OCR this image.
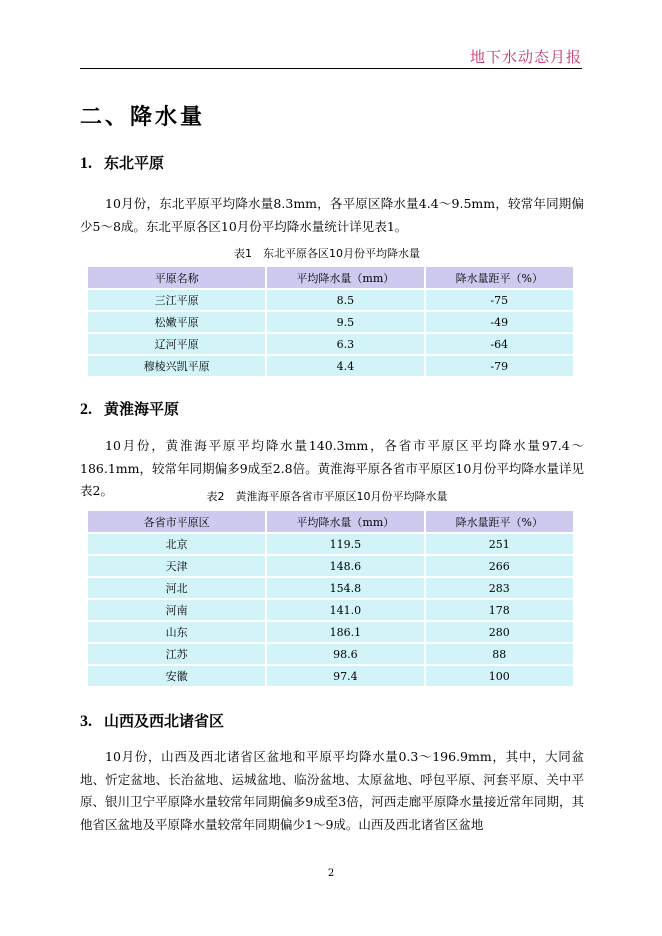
地下水动态月报
二、降水量
1. 东北平原
10月份，东北平原平均降水量8.3mm，各平原区降水量4.4～9.5mm，较常年同期偏少5～8成。东北平原各区10月份平均降水量统计详见表1。
表1　东北平原各区10月份平均降水量
平原名称	平均降水量（mm）	降水量距平（%）
三江平原	8.5	-75
松嫩平原	9.5	-49
辽河平原	6.3	-64
穆棱兴凯平原	4.4	-79
2. 黄淮海平原
10月份，黄淮海平原平均降水量140.3mm，各省市平原区平均降水量97.4～186.1mm，较常年同期偏多9成至2.8倍。黄淮海平原各省市平原区10月份平均降水量详见表2。	表2　黄淮海平原各省市平原区10月份平均降水量
各省市平原区	平均降水量（mm）	降水量距平（%）
北京	119.5	251
天津	148.6	266
河北	154.8	283
河南	141.0	178
山东	186.1	280
江苏	98.6	88
安徽	97.4	100
3. 山西及西北诸省区
10月份，山西及西北诸省区盆地和平原平均降水量0.3～196.9mm，其中，大同盆地、忻定盆地、长治盆地、运城盆地、临汾盆地、太原盆地、呼包平原、河套平原、关中平原、银川卫宁平原降水量较常年同期偏多9成至3倍，河西走廊平原降水量接近常年同期，其他省区盆地及平原降水量较常年同期偏少1～9成。山西及西北诸省区盆地
2
